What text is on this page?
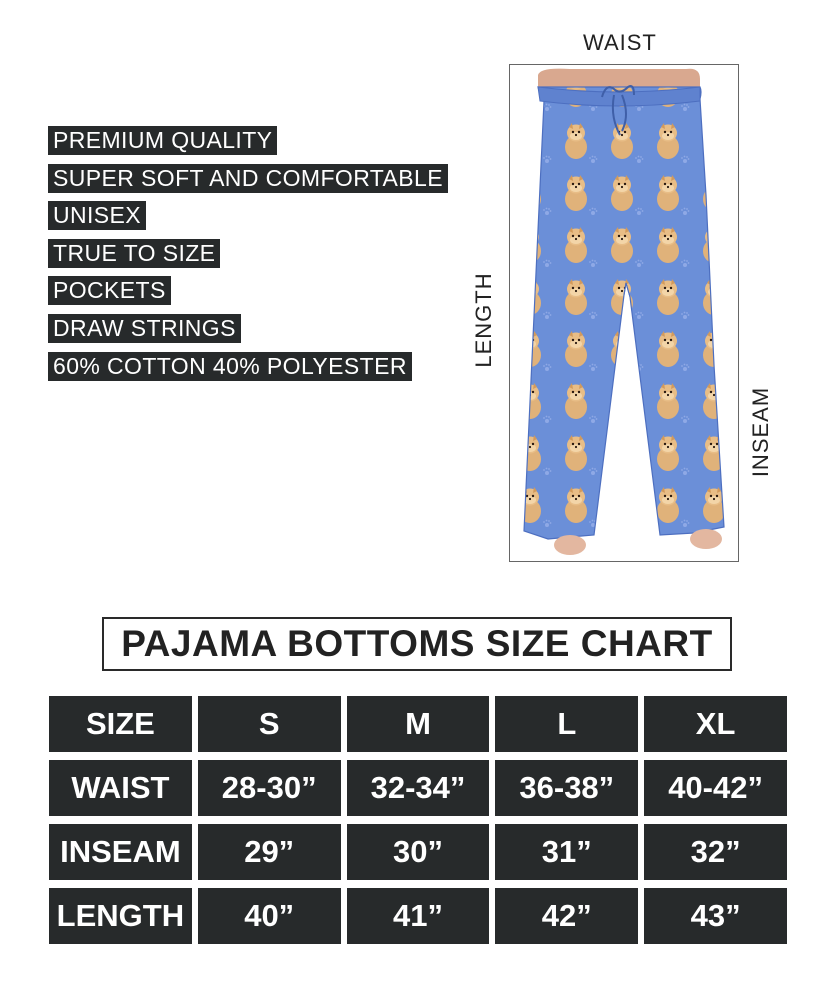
PREMIUM QUALITY
SUPER SOFT AND COMFORTABLE
UNISEX
TRUE TO SIZE
POCKETS
DRAW STRINGS
60% COTTON 40% POLYESTER
WAIST
LENGTH
INSEAM
PAJAMA BOTTOMS SIZE CHART
SIZE	S	M	L	XL
WAIST	28-30”	32-34”	36-38”	40-42”
INSEAM	29”	30”	31”	32”
LENGTH	40”	41”	42”	43”
